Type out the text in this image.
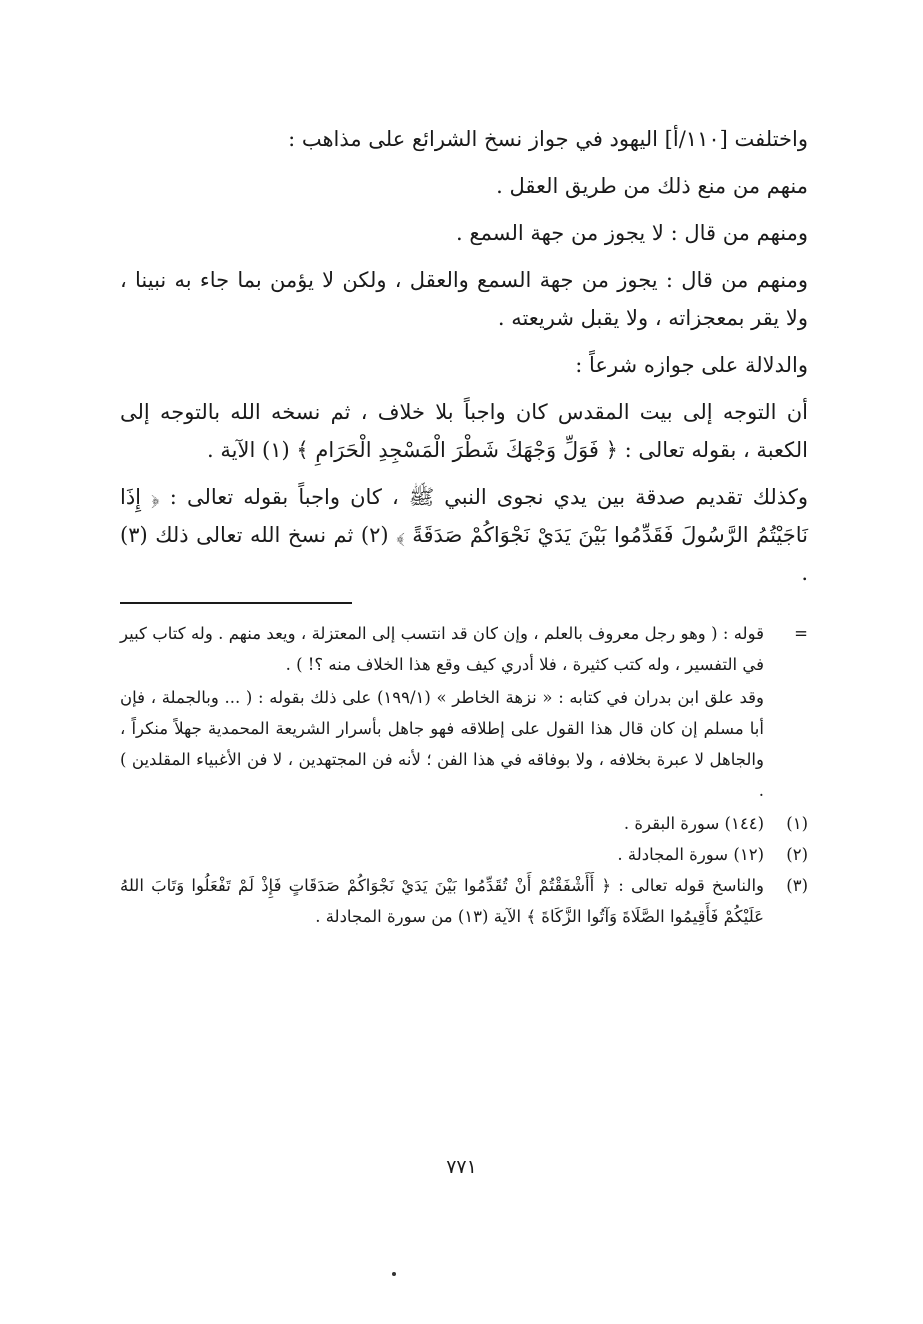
واختلفت [١١٠/أ] اليهود في جواز نسخ الشرائع على مذاهب :

منهم من منع ذلك من طريق العقل .

ومنهم من قال : لا يجوز من جهة السمع .

ومنهم من قال : يجوز من جهة السمع والعقل ، ولكن لا يؤمن بما جاء به نبينا ، ولا يقر بمعجزاته ، ولا يقبل شريعته .

والدلالة على جوازه شرعاً :

أن التوجه إلى بيت المقدس كان واجباً بلا خلاف ، ثم نسخه الله بالتوجه إلى الكعبة ، بقوله تعالى : ﴿ فَوَلِّ وَجْهَكَ شَطْرَ الْمَسْجِدِ الْحَرَامِ ﴾ (١) الآية .

وكذلك تقديم صدقة بين يدي نجوى النبي ﷺ ، كان واجباً بقوله تعالى : ﴿ إِذَا نَاجَيْتُمُ الرَّسُولَ فَقَدِّمُوا بَيْنَ يَدَيْ نَجْوَاكُمْ صَدَقَةً ﴾ (٢) ثم نسخ الله تعالى ذلك (٣) .

=

قوله : ( وهو رجل معروف بالعلم ، وإن كان قد انتسب إلى المعتزلة ، ويعد منهم . وله كتاب كبير في التفسير ، وله كتب كثيرة ، فلا أدري كيف وقع هذا الخلاف منه ؟! ) .

وقد علق ابن بدران في كتابه : « نزهة الخاطر » (١٩٩/١) على ذلك بقوله : ( ... وبالجملة ، فإن أبا مسلم إن كان قال هذا القول على إطلاقه فهو جاهل بأسرار الشريعة المحمدية جهلاً منكراً ، والجاهل لا عبرة بخلافه ، ولا بوفاقه في هذا الفن ؛ لأنه فن المجتهدين ، لا فن الأغبياء المقلدين ) .

(١)
(١٤٤) سورة البقرة .
(٢)
(١٢) سورة المجادلة .
(٣)
والناسخ قوله تعالى : ﴿ أَأَشْفَقْتُمْ أَنْ تُقَدِّمُوا بَيْنَ يَدَيْ نَجْوَاكُمْ صَدَقَاتٍ فَإِذْ لَمْ تَفْعَلُوا وَتَابَ اللهُ عَلَيْكُمْ فَأَقِيمُوا الصَّلَاةَ وَآتُوا الزَّكَاةَ ﴾ الآية (١٣) من سورة المجادلة .
٧٧١
